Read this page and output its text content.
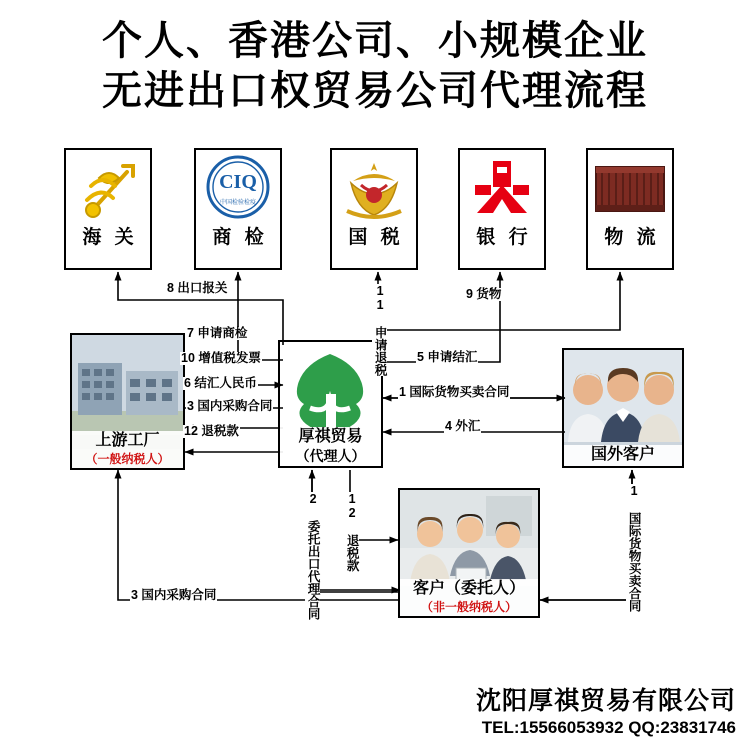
个人、香港公司、小规模企业
无进出口权贸易公司代理流程
海 关
CIQ
中国检验检疫
商 检	国 税	银 行	物 流
上游工厂
（一般纳税人）
厚祺贸易
（代理人）	国外客户
客户（委托人）
（非一般纳税人）
8 出口报关	11 申请退税	9 货物
7 申请商检
10 增值税发票	5 申请结汇
6 结汇人民币
1 国际货物买卖合同
3 国内采购合同
4 外汇
12 退税款
2 委托出口代理合同 12 退税款	1 国际货物买卖合同
3 国内采购合同
沈阳厚祺贸易有限公司
TEL:15566053932 QQ:23831746
